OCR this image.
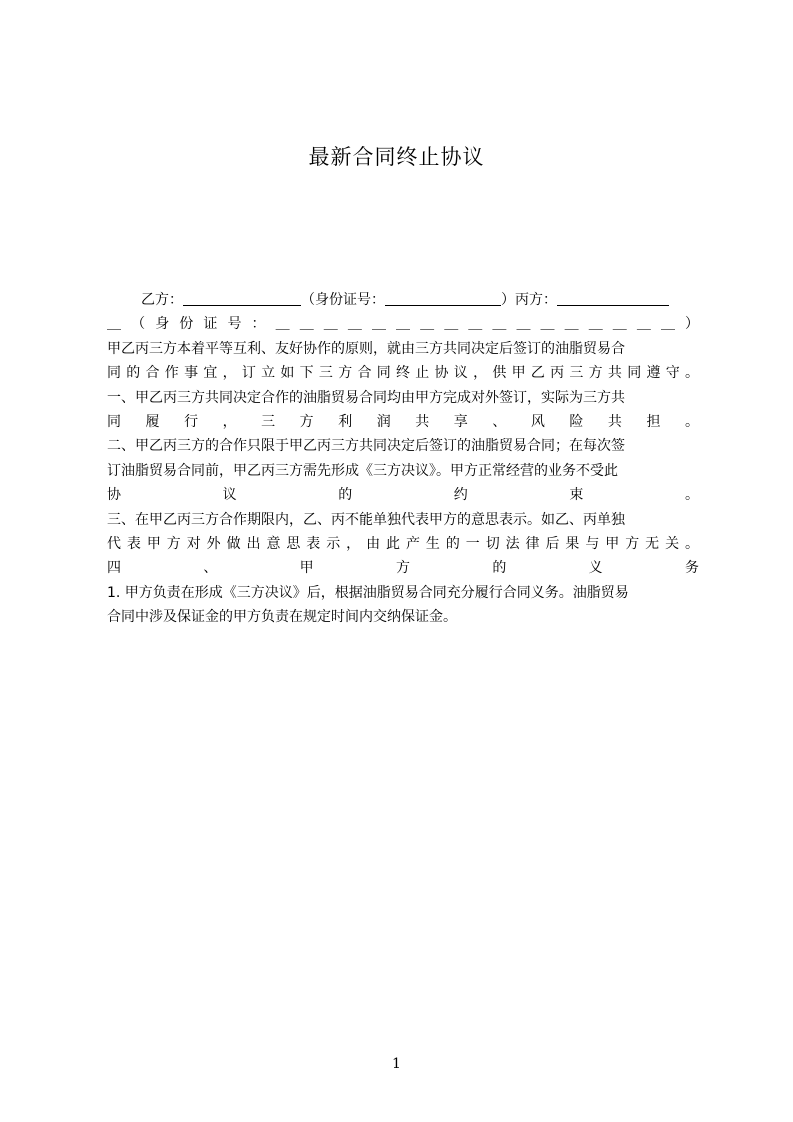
最新合同终止协议
乙方：	（身份证号：	）丙方：
＿ （ 身 份 证 号 ： ＿ ＿ ＿ ＿ ＿ ＿ ＿ ＿ ＿ ＿ ＿ ＿ ＿ ＿ ＿ ＿ ＿ ）
甲乙丙三方本着平等互利、友好协作的原则，就由三方共同决定后签订的油脂贸易合
同的合作事宜，订立如下三方合同终止协议，供甲乙丙三方共同遵守。
一、甲乙丙三方共同决定合作的油脂贸易合同均由甲方完成对外签订，实际为三方共
同 履 行 ， 三 方 利 润 共 享 、 风 险 共 担 。
二、甲乙丙三方的合作只限于甲乙丙三方共同决定后签订的油脂贸易合同；在每次签
订油脂贸易合同前，甲乙丙三方需先形成《三方决议》。甲方正常经营的业务不受此
协 议 的 约 束 。
三、在甲乙丙三方合作期限内，乙、丙不能单独代表甲方的意思表示。如乙、丙单独
代表甲方对外做出意思表示，由此产生的一切法律后果与甲方无关。
四 、 甲 方 的 义 务
1. 甲方负责在形成《三方决议》后，根据油脂贸易合同充分履行合同义务。油脂贸易
合同中涉及保证金的甲方负责在规定时间内交纳保证金。
1
